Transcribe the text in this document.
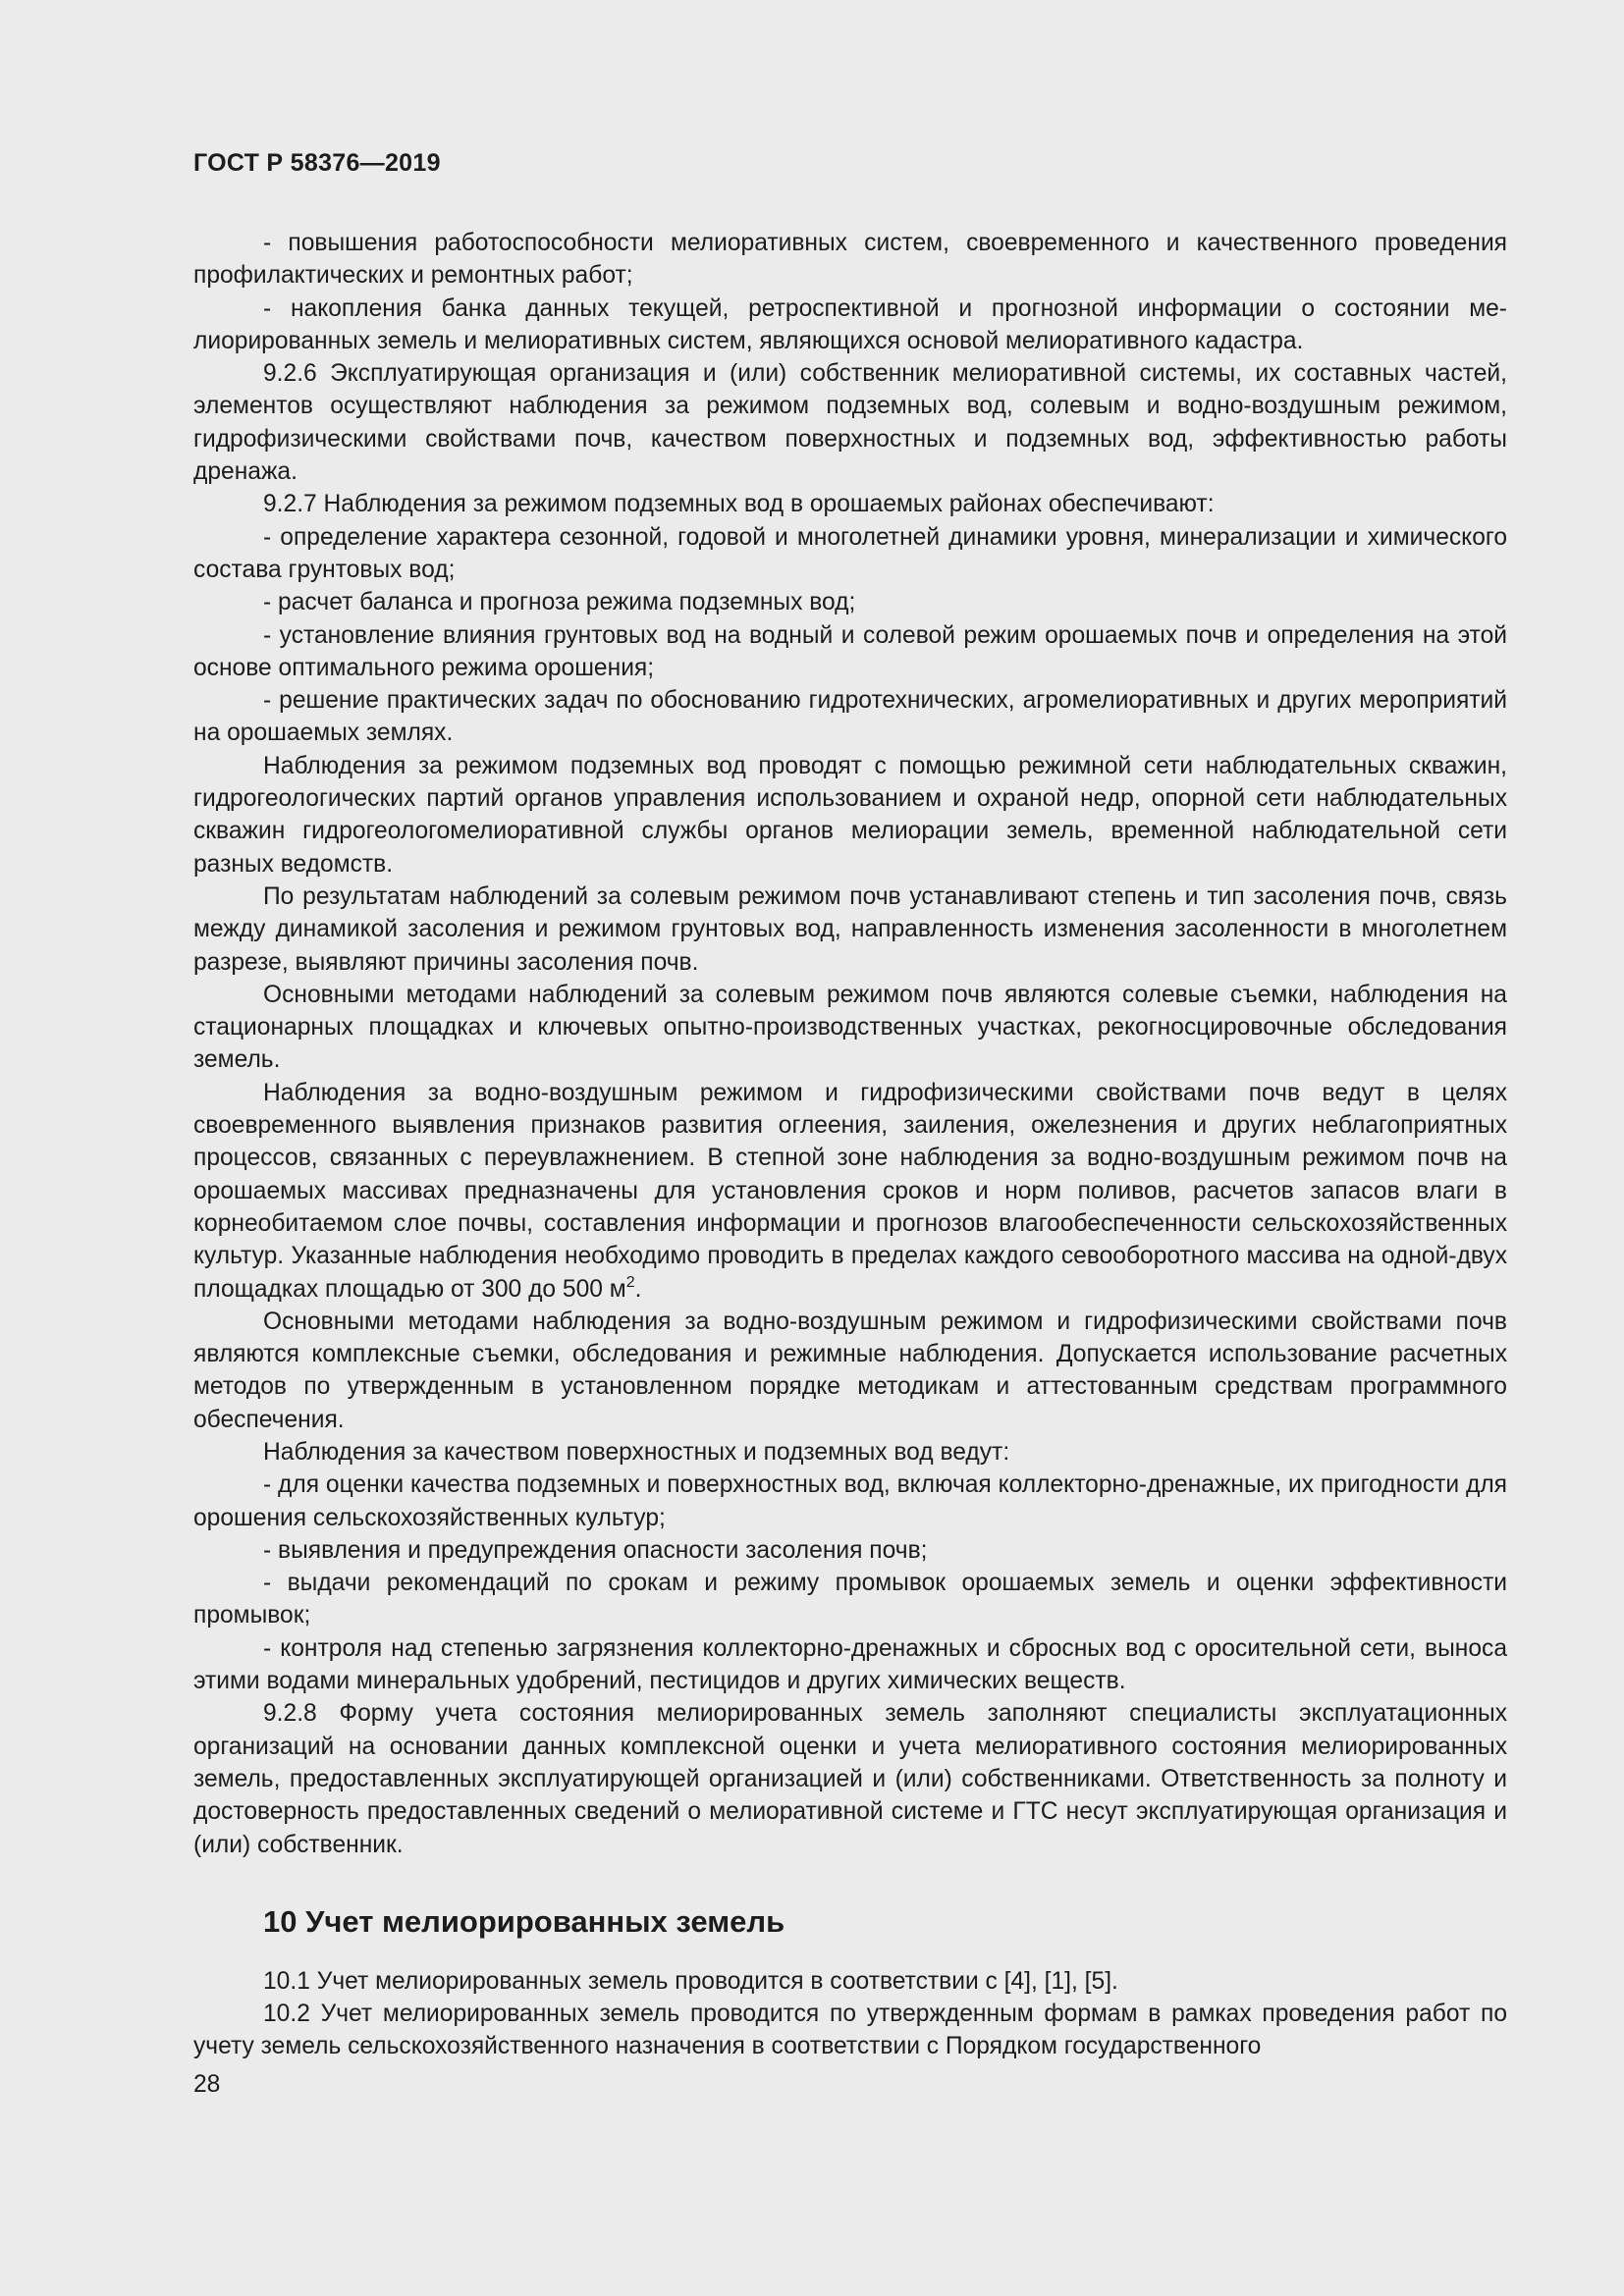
ГОСТ Р 58376—2019

- повышения работоспособности мелиоративных систем, своевременного и качественного проведения профилактических и ремонтных работ;

- накопления банка данных текущей, ретроспективной и прогнозной информации о состоянии мелиорированных земель и мелиоративных систем, являющихся основой мелиоративного кадастра.

9.2.6 Эксплуатирующая организация и (или) собственник мелиоративной системы, их составных частей, элементов осуществляют наблюдения за режимом подземных вод, солевым и водно-воздушным режимом, гидрофизическими свойствами почв, качеством поверхностных и подземных вод, эффективностью работы дренажа.

9.2.7 Наблюдения за режимом подземных вод в орошаемых районах обеспечивают:

- определение характера сезонной, годовой и многолетней динамики уровня, минерализации и химического состава грунтовых вод;

- расчет баланса и прогноза режима подземных вод;

- установление влияния грунтовых вод на водный и солевой режим орошаемых почв и определения на этой основе оптимального режима орошения;

- решение практических задач по обоснованию гидротехнических, агромелиоративных и других мероприятий на орошаемых землях.

Наблюдения за режимом подземных вод проводят с помощью режимной сети наблюдательных скважин, гидрогеологических партий органов управления использованием и охраной недр, опорной сети наблюдательных скважин гидрогеологомелиоративной службы органов мелиорации земель, временной наблюдательной сети разных ведомств.

По результатам наблюдений за солевым режимом почв устанавливают степень и тип засоления почв, связь между динамикой засоления и режимом грунтовых вод, направленность изменения засоленности в многолетнем разрезе, выявляют причины засоления почв.

Основными методами наблюдений за солевым режимом почв являются солевые съемки, наблюдения на стационарных площадках и ключевых опытно-производственных участках, рекогносцировочные обследования земель.

Наблюдения за водно-воздушным режимом и гидрофизическими свойствами почв ведут в целях своевременного выявления признаков развития оглеения, заиления, ожелезнения и других неблагоприятных процессов, связанных с переувлажнением. В степной зоне наблюдения за водно-воздушным режимом почв на орошаемых массивах предназначены для установления сроков и норм поливов, расчетов запасов влаги в корнеобитаемом слое почвы, составления информации и прогнозов влагообеспеченности сельскохозяйственных культур. Указанные наблюдения необходимо проводить в пределах каждого севооборотного массива на одной-двух площадках площадью от 300 до 500 $м^2$.

Основными методами наблюдения за водно-воздушным режимом и гидрофизическими свойствами почв являются комплексные съемки, обследования и режимные наблюдения. Допускается использование расчетных методов по утвержденным в установленном порядке методикам и аттестованным средствам программного обеспечения.

Наблюдения за качеством поверхностных и подземных вод ведут:

- для оценки качества подземных и поверхностных вод, включая коллекторно-дренажные, их пригодности для орошения сельскохозяйственных культур;

- выявления и предупреждения опасности засоления почв;

- выдачи рекомендаций по срокам и режиму промывок орошаемых земель и оценки эффективности промывок;

- контроля над степенью загрязнения коллекторно-дренажных и сбросных вод с оросительной сети, выноса этими водами минеральных удобрений, пестицидов и других химических веществ.

9.2.8 Форму учета состояния мелиорированных земель заполняют специалисты эксплуатационных организаций на основании данных комплексной оценки и учета мелиоративного состояния мелиорированных земель, предоставленных эксплуатирующей организацией и (или) собственниками. Ответственность за полноту и достоверность предоставленных сведений о мелиоративной системе и ГТС несут эксплуатирующая организация и (или) собственник.

10 Учет мелиорированных земель

10.1 Учет мелиорированных земель проводится в соответствии с [4], [1], [5].

10.2 Учет мелиорированных земель проводится по утвержденным формам в рамках проведения работ по учету земель сельскохозяйственного назначения в соответствии с Порядком государственного

28
